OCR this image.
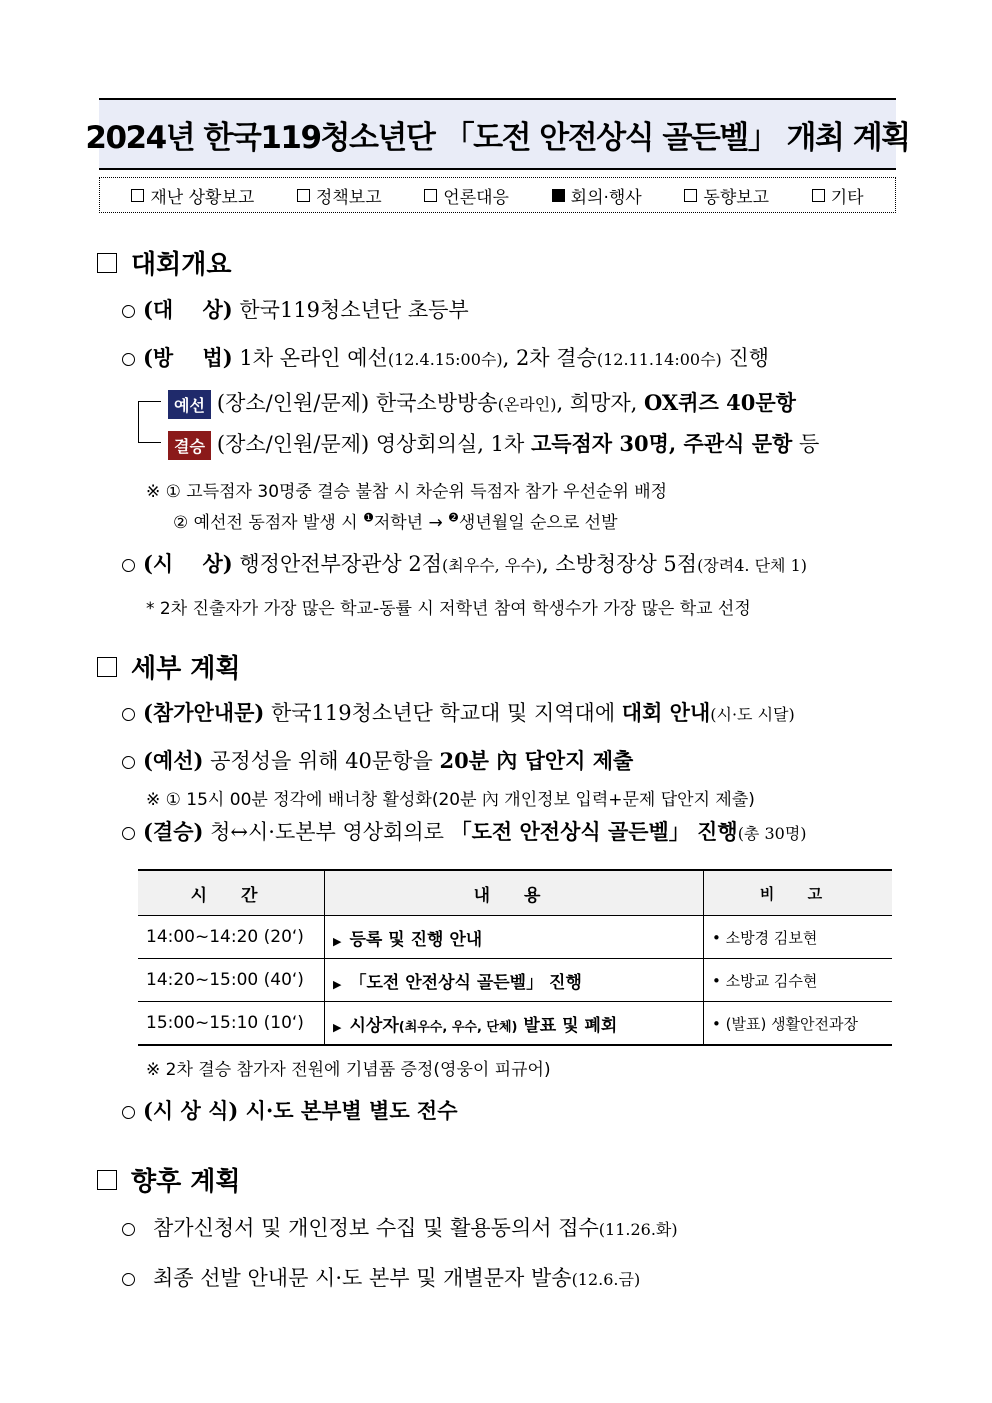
2024년 한국119청소년단 「도전 안전상식 골든벨」 개최 계획
재난 상황보고	정책보고	언론대응	회의·행사	동향보고	기타
대회개요
(대    상) 한국119청소년단 초등부
(방    법) 1차 온라인 예선(12.4.15:00수), 2차 결승(12.11.14:00수) 진행
예선 (장소/인원/문제) 한국소방방송(온라인), 희망자, OX퀴즈 40문항
결승 (장소/인원/문제) 영상회의실, 1차 고득점자 30명, 주관식 문항 등
※ ① 고득점자 30명중 결승 불참 시 차순위 득점자 참가 우선순위 배정
② 예선전 동점자 발생 시 $^❶$저학년 → $^❷$생년월일 순으로 선발
(시    상) 행정안전부장관상 2점(최우수, 우수), 소방청장상 5점(장려4. 단체 1)
* 2차 진출자가 가장 많은 학교-동률 시 저학년 참여 학생수가 가장 많은 학교 선정
세부 계획
(참가안내문) 한국119청소년단 학교대 및 지역대에 대회 안내(시·도 시달)
(예선) 공정성을 위해 40문항을 20분 內 답안지 제출
※ ① 15시 00분 정각에 배너창 활성화(20분 內 개인정보 입력+문제 답안지 제출)
(결승) 청↔시·도본부 영상회의로 「도전 안전상식 골든벨」 진행(총 30명)
시 간	내 용	비 고
14:00~14:20 (20‘)	▶ 등록 및 진행 안내	• 소방경 김보현
14:20~15:00 (40‘)	▶ 「도전 안전상식 골든벨」 진행	• 소방교 김수현
15:00~15:10 (10‘)	▶ 시상자(최우수, 우수, 단체) 발표 및 폐회	• (발표) 생활안전과장
※ 2차 결승 참가자 전원에 기념품 증정(영웅이 피규어)
(시 상 식) 시·도 본부별 별도 전수
향후 계획
참가신청서 및 개인정보 수집 및 활용동의서 접수(11.26.화)
최종 선발 안내문 시·도 본부 및 개별문자 발송(12.6.금)
